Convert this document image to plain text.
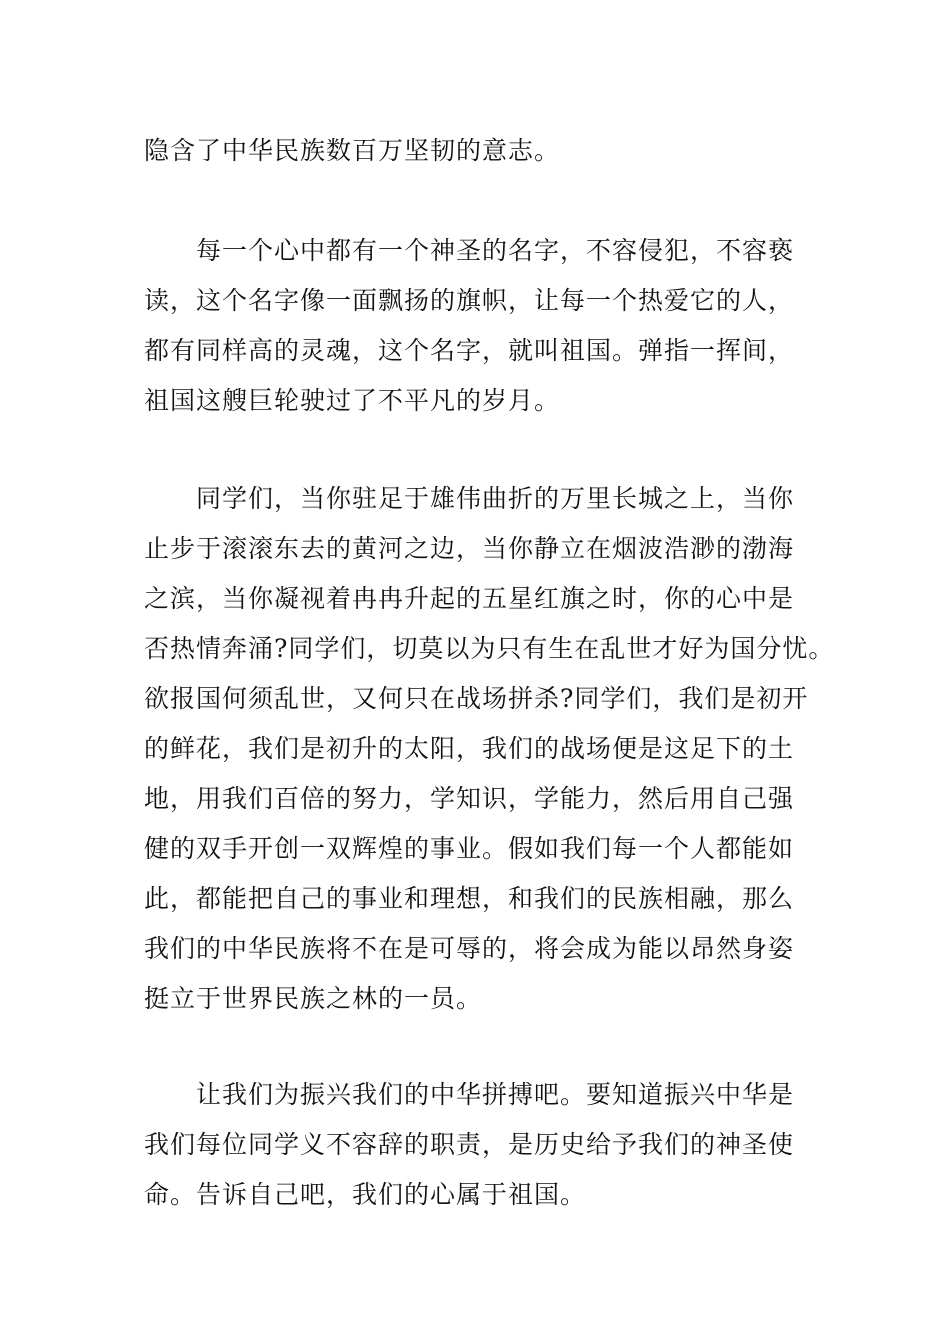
隐含了中华民族数百万坚韧的意志。

每一个心中都有一个神圣的名字，不容侵犯，不容亵
读，这个名字像一面飘扬的旗帜，让每一个热爱它的人，
都有同样高的灵魂，这个名字，就叫祖国。弹指一挥间，
祖国这艘巨轮驶过了不平凡的岁月。

同学们，当你驻足于雄伟曲折的万里长城之上，当你
止步于滚滚东去的黄河之边，当你静立在烟波浩渺的渤海
之滨，当你凝视着冉冉升起的五星红旗之时，你的心中是
否热情奔涌?同学们，切莫以为只有生在乱世才好为国分忧。
欲报国何须乱世，又何只在战场拼杀?同学们，我们是初开
的鲜花，我们是初升的太阳，我们的战场便是这足下的土
地，用我们百倍的努力，学知识，学能力，然后用自己强
健的双手开创一双辉煌的事业。假如我们每一个人都能如
此，都能把自己的事业和理想，和我们的民族相融，那么
我们的中华民族将不在是可辱的，将会成为能以昂然身姿
挺立于世界民族之林的一员。

让我们为振兴我们的中华拼搏吧。要知道振兴中华是
我们每位同学义不容辞的职责，是历史给予我们的神圣使
命。告诉自己吧，我们的心属于祖国。
